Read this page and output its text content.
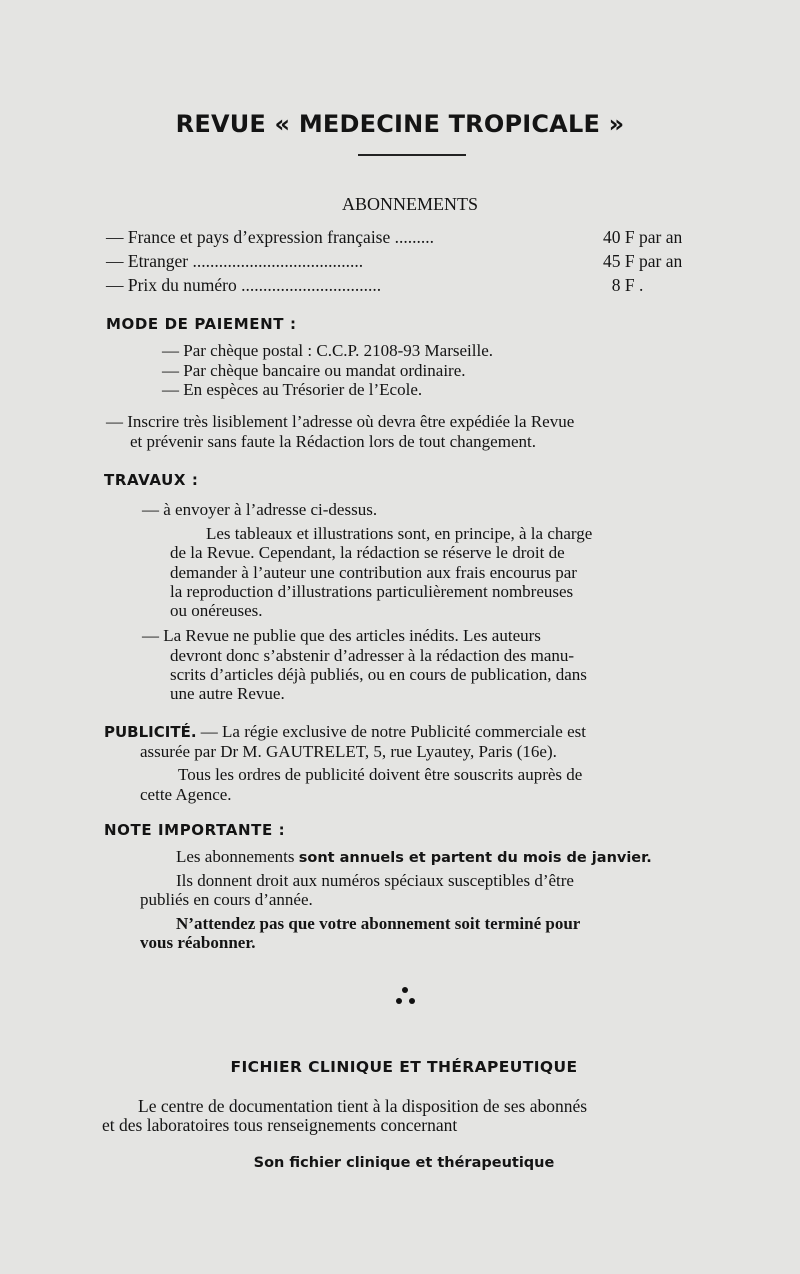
REVUE « MEDECINE TROPICALE »
ABONNEMENTS
— France et pays d’expression française .........	40 F par an
— Etranger .......................................	45 F par an
— Prix du numéro ................................	8 F .
MODE DE PAIEMENT :
— Par chèque postal : C.C.P. 2108-93 Marseille.
— Par chèque bancaire ou mandat ordinaire.
— En espèces au Trésorier de l’Ecole.
— Inscrire très lisiblement l’adresse où devra être expédiée la Revue
et prévenir sans faute la Rédaction lors de tout changement.
TRAVAUX :
— à envoyer à l’adresse ci-dessus.
Les tableaux et illustrations sont, en principe, à la charge
de la Revue. Cependant, la rédaction se réserve le droit de
demander à l’auteur une contribution aux frais encourus par
la reproduction d’illustrations particulièrement nombreuses
ou onéreuses.
— La Revue ne publie que des articles inédits. Les auteurs
devront donc s’abstenir d’adresser à la rédaction des manu-
scrits d’articles déjà publiés, ou en cours de publication, dans
une autre Revue.
PUBLICITÉ. — La régie exclusive de notre Publicité commerciale est
assurée par Dr M. GAUTRELET, 5, rue Lyautey, Paris (16e).
Tous les ordres de publicité doivent être souscrits auprès de
cette Agence.
NOTE IMPORTANTE :
Les abonnements sont annuels et partent du mois de janvier.
Ils donnent droit aux numéros spéciaux susceptibles d’être
publiés en cours d’année.
N’attendez pas que votre abonnement soit terminé pour
vous réabonner.
FICHIER CLINIQUE ET THÉRAPEUTIQUE
Le centre de documentation tient à la disposition de ses abonnés
et des laboratoires tous renseignements concernant
Son fichier clinique et thérapeutique
